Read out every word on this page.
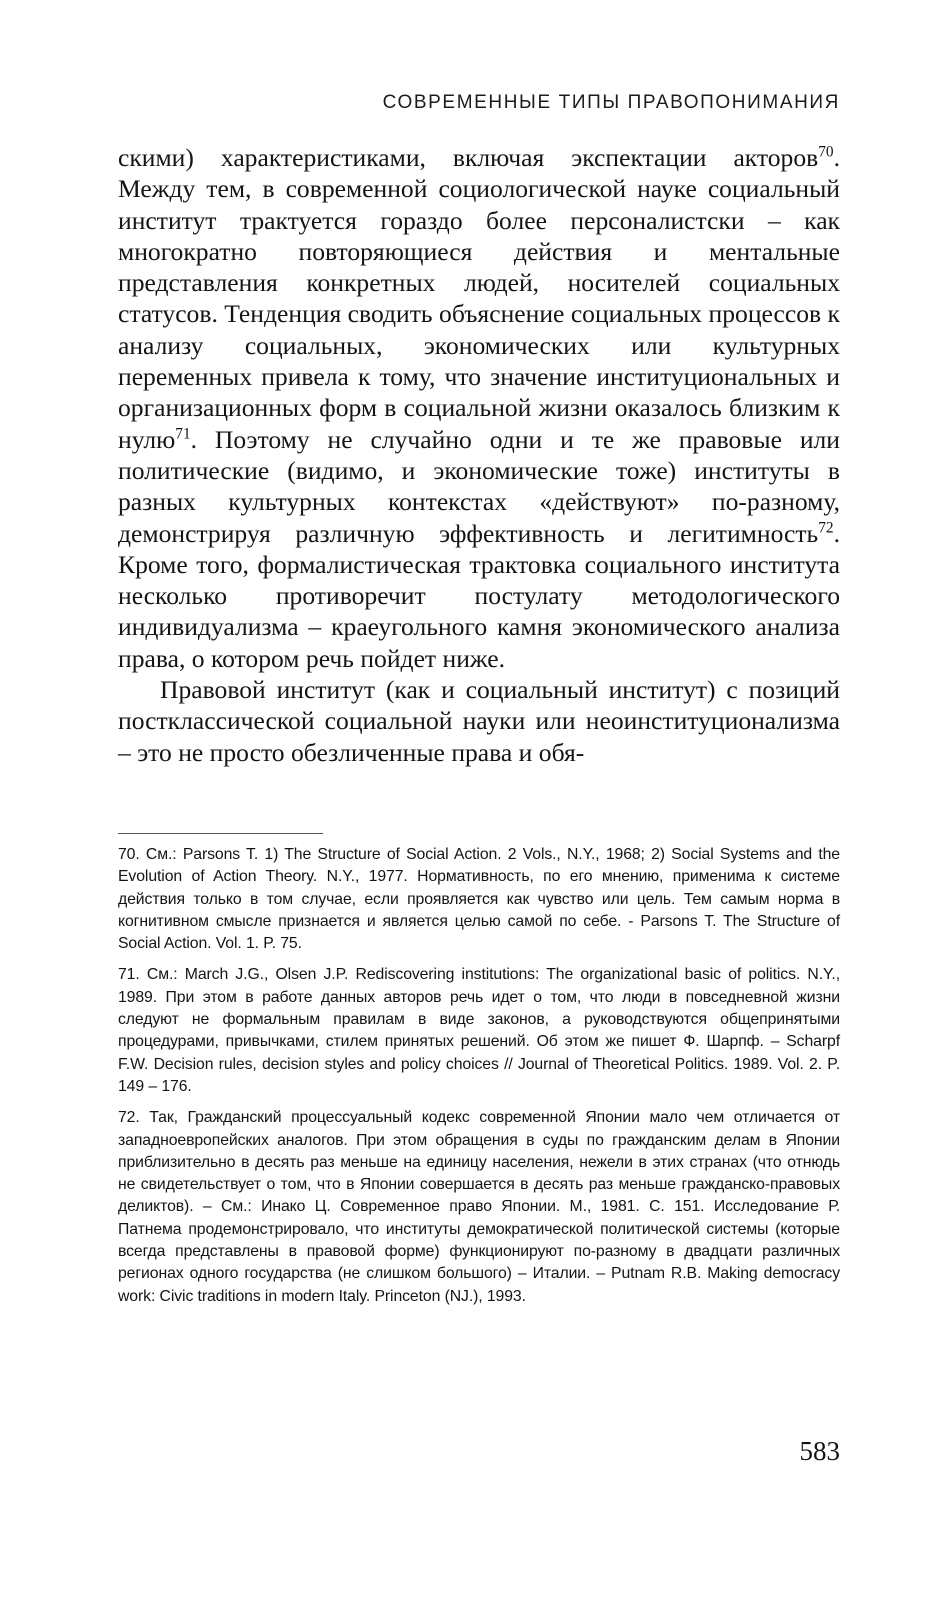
СОВРЕМЕННЫЕ ТИПЫ ПРАВОПОНИМАНИЯ

скими) характеристиками, включая экспектации акторов$^{70}$. Между тем, в современной социологической науке социальный институт трактуется гораздо более персоналистски – как многократно повторяющиеся действия и ментальные представления конкретных людей, носителей социальных статусов. Тенденция сводить объяснение социальных процессов к анализу социальных, экономических или культурных переменных привела к тому, что значение институциональных и организационных форм в социальной жизни оказалось близким к нулю$^{71}$. Поэтому не случайно одни и те же правовые или политические (видимо, и экономические тоже) институты в разных культурных контекстах «действуют» по-разному, демонстрируя различную эффективность и легитимность$^{72}$. Кроме того, формалистическая трактовка социального института несколько противоречит постулату методологического индивидуализма – краеугольного камня экономического анализа права, о котором речь пойдет ниже.

Правовой институт (как и социальный институт) с позиций постклассической социальной науки или неоинституционализма – это не просто обезличенные права и обя-

70. См.: Parsons T. 1) The Structure of Social Action. 2 Vols., N.Y., 1968; 2) Social Systems and the Evolution of Action Theory. N.Y., 1977. Нормативность, по его мнению, применима к системе действия только в том случае, если проявляется как чувство или цель. Тем самым норма в когнитивном смысле признается и является целью самой по себе. - Parsons T. The Structure of Social Action. Vol. 1. P. 75.

71. См.: March J.G., Olsen J.P. Rediscovering institutions: The organizational basic of politics. N.Y., 1989. При этом в работе данных авторов речь идет о том, что люди в повседневной жизни следуют не формальным правилам в виде законов, а руководствуются общепринятыми процедурами, привычками, стилем принятых решений. Об этом же пишет Ф. Шарпф. – Scharpf F.W. Decision rules, decision styles and policy choices // Journal of Theoretical Politics. 1989. Vol. 2. P. 149 – 176.

72. Так, Гражданский процессуальный кодекс современной Японии мало чем отличается от западноевропейских аналогов. При этом обращения в суды по гражданским делам в Японии приблизительно в десять раз меньше на единицу населения, нежели в этих странах (что отнюдь не свидетельствует о том, что в Японии совершается в десять раз меньше гражданско-правовых деликтов). – См.: Инако Ц. Современное право Японии. М., 1981. С. 151. Исследование Р. Патнема продемонстрировало, что институты демократической политической системы (которые всегда представлены в правовой форме) функционируют по-разному в двадцати различных регионах одного государства (не слишком большого) – Италии. – Putnam R.B. Making democracy work: Civic traditions in modern Italy. Princeton (NJ.), 1993.

583
